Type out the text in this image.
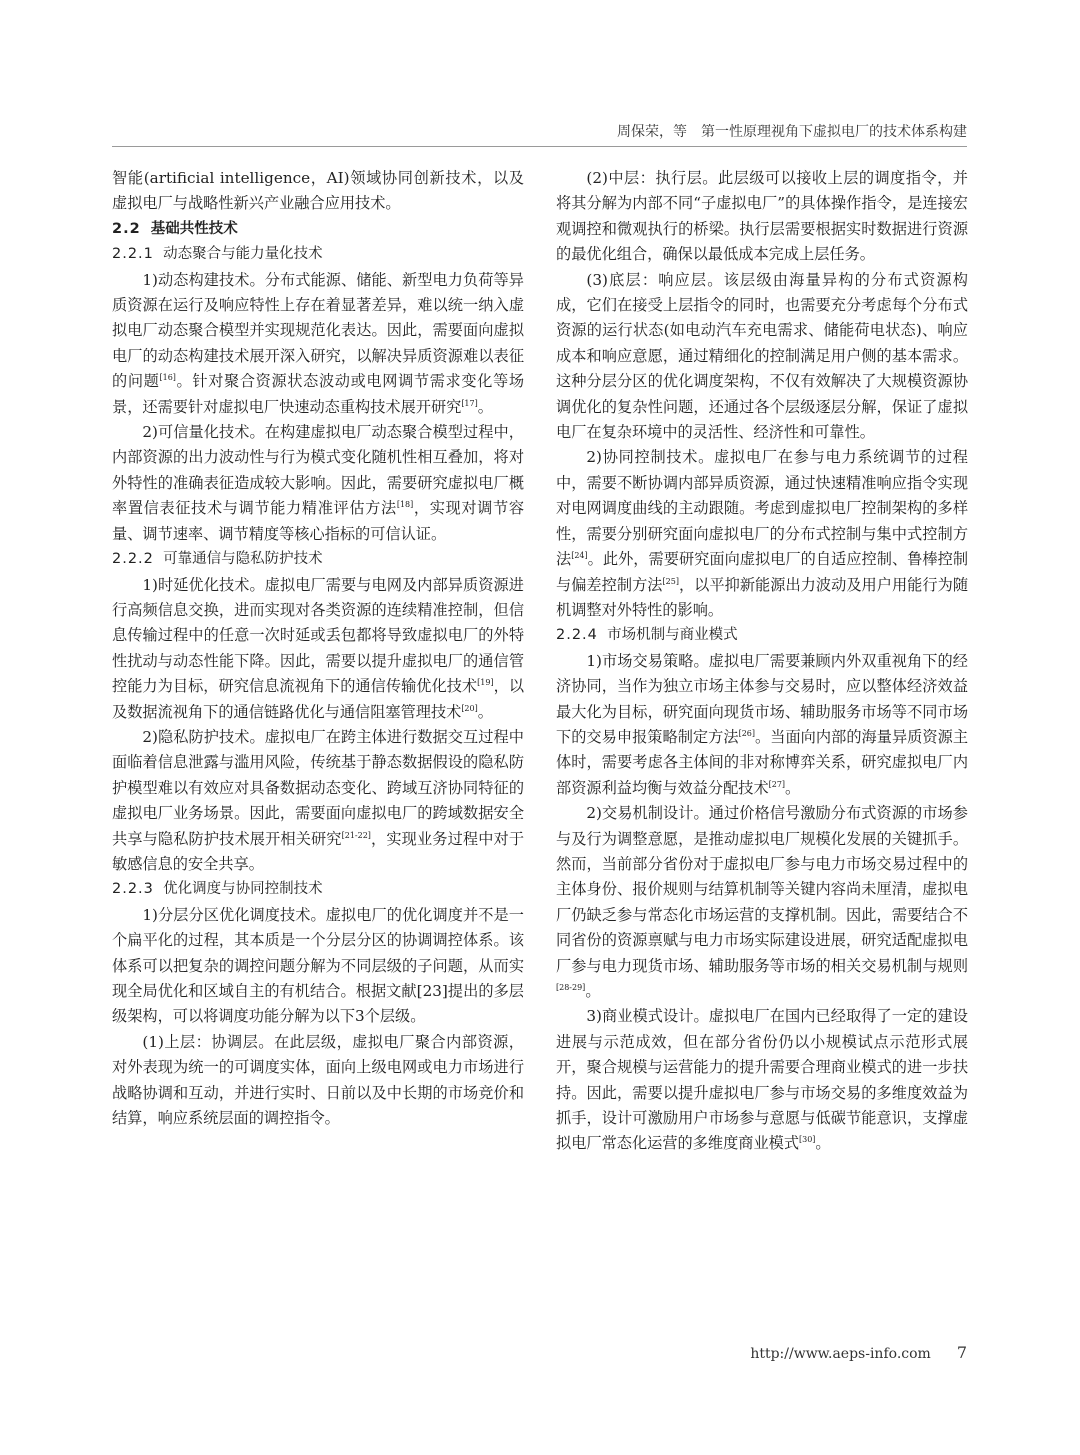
周保荣，等　第一性原理视角下虚拟电厂的技术体系构建

智能(artificial intelligence，AI)领域协同创新技术，以及虚拟电厂与战略性新兴产业融合应用技术。

2.2 基础共性技术

2.2.1 动态聚合与能力量化技术

1)动态构建技术。分布式能源、储能、新型电力负荷等异质资源在运行及响应特性上存在着显著差异，难以统一纳入虚拟电厂动态聚合模型并实现规范化表达。因此，需要面向虚拟电厂的动态构建技术展开深入研究，以解决异质资源难以表征的问题[16]。针对聚合资源状态波动或电网调节需求变化等场景，还需要针对虚拟电厂快速动态重构技术展开研究[17]。

2)可信量化技术。在构建虚拟电厂动态聚合模型过程中，内部资源的出力波动性与行为模式变化随机性相互叠加，将对外特性的准确表征造成较大影响。因此，需要研究虚拟电厂概率置信表征技术与调节能力精准评估方法[18]，实现对调节容量、调节速率、调节精度等核心指标的可信认证。

2.2.2 可靠通信与隐私防护技术

1)时延优化技术。虚拟电厂需要与电网及内部异质资源进行高频信息交换，进而实现对各类资源的连续精准控制，但信息传输过程中的任意一次时延或丢包都将导致虚拟电厂的外特性扰动与动态性能下降。因此，需要以提升虚拟电厂的通信管控能力为目标，研究信息流视角下的通信传输优化技术[19]，以及数据流视角下的通信链路优化与通信阻塞管理技术[20]。

2)隐私防护技术。虚拟电厂在跨主体进行数据交互过程中面临着信息泄露与滥用风险，传统基于静态数据假设的隐私防护模型难以有效应对具备数据动态变化、跨域互济协同特征的虚拟电厂业务场景。因此，需要面向虚拟电厂的跨域数据安全共享与隐私防护技术展开相关研究[21-22]，实现业务过程中对于敏感信息的安全共享。

2.2.3 优化调度与协同控制技术

1)分层分区优化调度技术。虚拟电厂的优化调度并不是一个扁平化的过程，其本质是一个分层分区的协调调控体系。该体系可以把复杂的调控问题分解为不同层级的子问题，从而实现全局优化和区域自主的有机结合。根据文献[23]提出的多层级架构，可以将调度功能分解为以下3个层级。

(1)上层：协调层。在此层级，虚拟电厂聚合内部资源，对外表现为统一的可调度实体，面向上级电网或电力市场进行战略协调和互动，并进行实时、日前以及中长期的市场竞价和结算，响应系统层面的调控指令。

(2)中层：执行层。此层级可以接收上层的调度指令，并将其分解为内部不同“子虚拟电厂”的具体操作指令，是连接宏观调控和微观执行的桥梁。执行层需要根据实时数据进行资源的最优化组合，确保以最低成本完成上层任务。

(3)底层：响应层。该层级由海量异构的分布式资源构成，它们在接受上层指令的同时，也需要充分考虑每个分布式资源的运行状态(如电动汽车充电需求、储能荷电状态)、响应成本和响应意愿，通过精细化的控制满足用户侧的基本需求。这种分层分区的优化调度架构，不仅有效解决了大规模资源协调优化的复杂性问题，还通过各个层级逐层分解，保证了虚拟电厂在复杂环境中的灵活性、经济性和可靠性。

2)协同控制技术。虚拟电厂在参与电力系统调节的过程中，需要不断协调内部异质资源，通过快速精准响应指令实现对电网调度曲线的主动跟随。考虑到虚拟电厂控制架构的多样性，需要分别研究面向虚拟电厂的分布式控制与集中式控制方法[24]。此外，需要研究面向虚拟电厂的自适应控制、鲁棒控制与偏差控制方法[25]，以平抑新能源出力波动及用户用能行为随机调整对外特性的影响。

2.2.4 市场机制与商业模式

1)市场交易策略。虚拟电厂需要兼顾内外双重视角下的经济协同，当作为独立市场主体参与交易时，应以整体经济效益最大化为目标，研究面向现货市场、辅助服务市场等不同市场下的交易申报策略制定方法[26]。当面向内部的海量异质资源主体时，需要考虑各主体间的非对称博弈关系，研究虚拟电厂内部资源利益均衡与效益分配技术[27]。

2)交易机制设计。通过价格信号激励分布式资源的市场参与及行为调整意愿，是推动虚拟电厂规模化发展的关键抓手。然而，当前部分省份对于虚拟电厂参与电力市场交易过程中的主体身份、报价规则与结算机制等关键内容尚未厘清，虚拟电厂仍缺乏参与常态化市场运营的支撑机制。因此，需要结合不同省份的资源禀赋与电力市场实际建设进展，研究适配虚拟电厂参与电力现货市场、辅助服务等市场的相关交易机制与规则[28-29]。

3)商业模式设计。虚拟电厂在国内已经取得了一定的建设进展与示范成效，但在部分省份仍以小规模试点示范形式展开，聚合规模与运营能力的提升需要合理商业模式的进一步扶持。因此，需要以提升虚拟电厂参与市场交易的多维度效益为抓手，设计可激励用户市场参与意愿与低碳节能意识，支撑虚拟电厂常态化运营的多维度商业模式[30]。

http://www.aeps-info.com 7
